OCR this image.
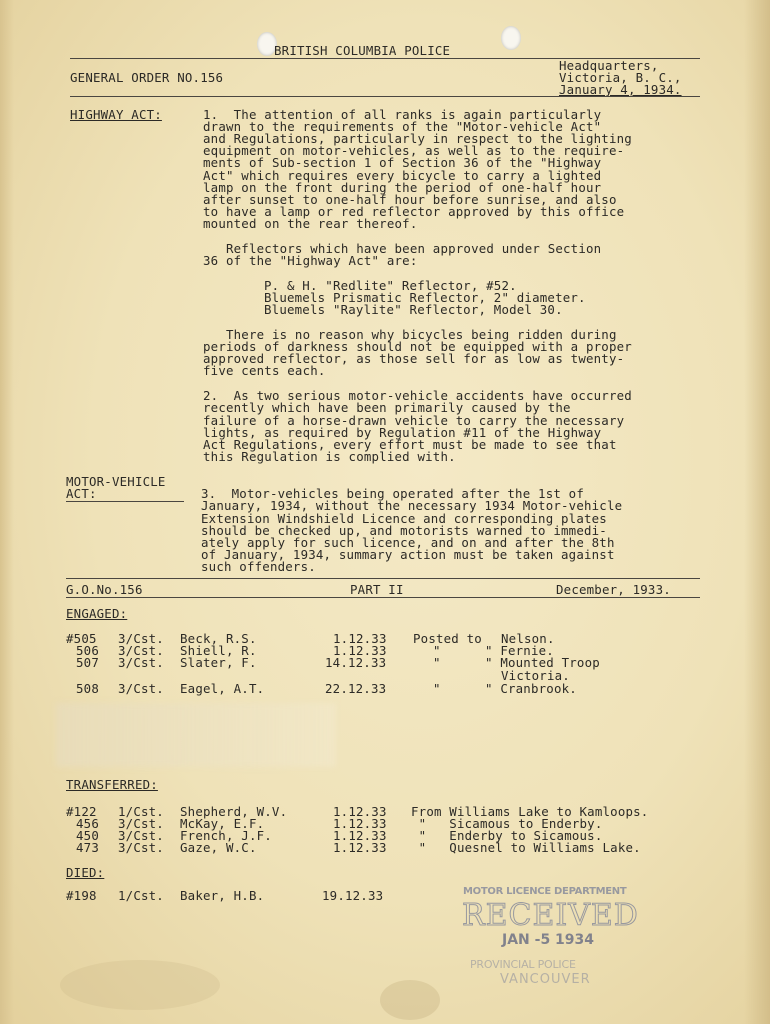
BRITISH COLUMBIA POLICE
GENERAL ORDER NO.156
Headquarters,
Victoria, B. C.,
January 4, 1934.
HIGHWAY ACT:	1.  The attention of all ranks is again particularly
drawn to the requirements of the "Motor-vehicle Act"
and Regulations, particularly in respect to the lighting
equipment on motor-vehicles, as well as to the require-
ments of Sub-section 1 of Section 36 of the "Highway
Act" which requires every bicycle to carry a lighted
lamp on the front during the period of one-half hour
after sunset to one-half hour before sunrise, and also
to have a lamp or red reflector approved by this office
mounted on the rear thereof.
Reflectors which have been approved under Section
36 of the "Highway Act" are:
P. & H. "Redlite" Reflector, #52.
Bluemels Prismatic Reflector, 2" diameter.
Bluemels "Raylite" Reflector, Model 30.
There is no reason why bicycles being ridden during
periods of darkness should not be equipped with a proper
approved reflector, as those sell for as low as twenty-
five cents each.
2.  As two serious motor-vehicle accidents have occurred
recently which have been primarily caused by the
failure of a horse-drawn vehicle to carry the necessary
lights, as required by Regulation #11 of the Highway
Act Regulations, every effort must be made to see that
this Regulation is complied with.
MOTOR-VEHICLE
ACT:	3.  Motor-vehicles being operated after the 1st of
January, 1934, without the necessary 1934 Motor-vehicle
Extension Windshield Licence and corresponding plates
should be checked up, and motorists warned to immedi-
ately apply for such licence, and on and after the 8th
of January, 1934, summary action must be taken against
such offenders.
G.O.No.156	PART II	December, 1933.
ENGAGED:
#505 3/Cst. Beck, R.S.	1.12.33 Posted to Nelson.
506 3/Cst. Shiell, R.	1.12.33	"	" Fernie.
507 3/Cst. Slater, F.	14.12.33	"	" Mounted Troop
Victoria.
508 3/Cst. Eagel, A.T.	22.12.33	"	" Cranbrook.
TRANSFERRED:
#122 1/Cst. Shepherd, W.V.	1.12.33 From Williams Lake to Kamloops.
456 3/Cst. McKay, E.F.	1.12.33 "   Sicamous to Enderby.
450 3/Cst. French, J.F.	1.12.33 "   Enderby to Sicamous.
473 3/Cst. Gaze, W.C.	1.12.33 "   Quesnel to Williams Lake.
DIED:
#198 1/Cst. Baker, H.B.	19.12.33	MOTOR LICENCE DEPARTMENT
RECEIVED
JAN -5 1934
PROVINCIAL POLICE
VANCOUVER
